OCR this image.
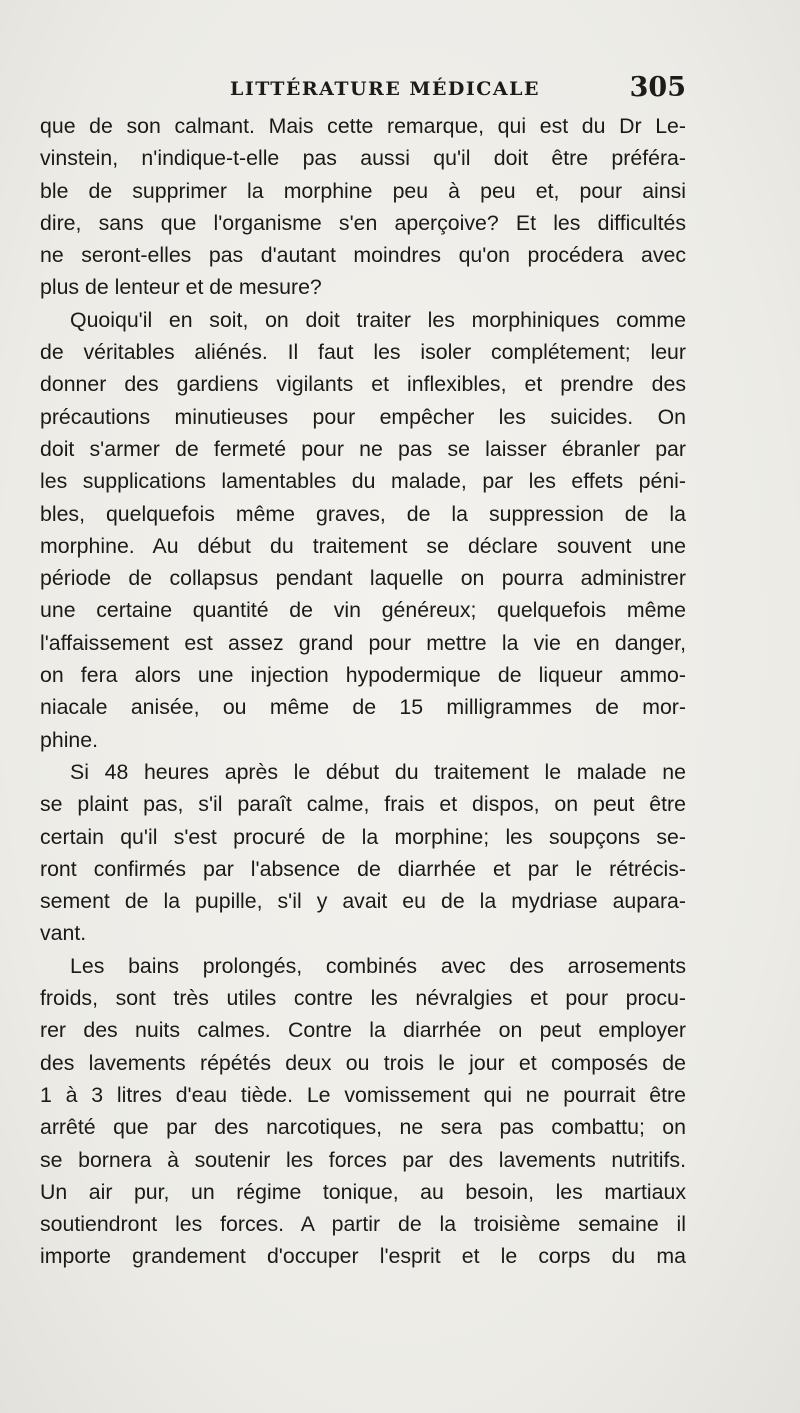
LITTÉRATURE MÉDICALE	305
que de son calmant. Mais cette remarque, qui est du Dr Le-
vinstein, n'indique-t-elle pas aussi qu'il doit être préféra-
ble de supprimer la morphine peu à peu et, pour ainsi
dire, sans que l'organisme s'en aperçoive? Et les difficultés
ne seront-elles pas d'autant moindres qu'on procédera avec
plus de lenteur et de mesure?
Quoiqu'il en soit, on doit traiter les morphiniques comme
de véritables aliénés. Il faut les isoler complétement; leur
donner des gardiens vigilants et inflexibles, et prendre des
précautions minutieuses pour empêcher les suicides. On
doit s'armer de fermeté pour ne pas se laisser ébranler par
les supplications lamentables du malade, par les effets péni-
bles, quelquefois même graves, de la suppression de la
morphine. Au début du traitement se déclare souvent une
période de collapsus pendant laquelle on pourra administrer
une certaine quantité de vin généreux; quelquefois même
l'affaissement est assez grand pour mettre la vie en danger,
on fera alors une injection hypodermique de liqueur ammo-
niacale anisée, ou même de 15 milligrammes de mor-
phine.
Si 48 heures après le début du traitement le malade ne
se plaint pas, s'il paraît calme, frais et dispos, on peut être
certain qu'il s'est procuré de la morphine; les soupçons se-
ront confirmés par l'absence de diarrhée et par le rétrécis-
sement de la pupille, s'il y avait eu de la mydriase aupara-
vant.
Les bains prolongés, combinés avec des arrosements
froids, sont très utiles contre les névralgies et pour procu-
rer des nuits calmes. Contre la diarrhée on peut employer
des lavements répétés deux ou trois le jour et composés de
1 à 3 litres d'eau tiède. Le vomissement qui ne pourrait être
arrêté que par des narcotiques, ne sera pas combattu; on
se bornera à soutenir les forces par des lavements nutritifs.
Un air pur, un régime tonique, au besoin, les martiaux
soutiendront les forces. A partir de la troisième semaine il
importe grandement d'occuper l'esprit et le corps du ma
